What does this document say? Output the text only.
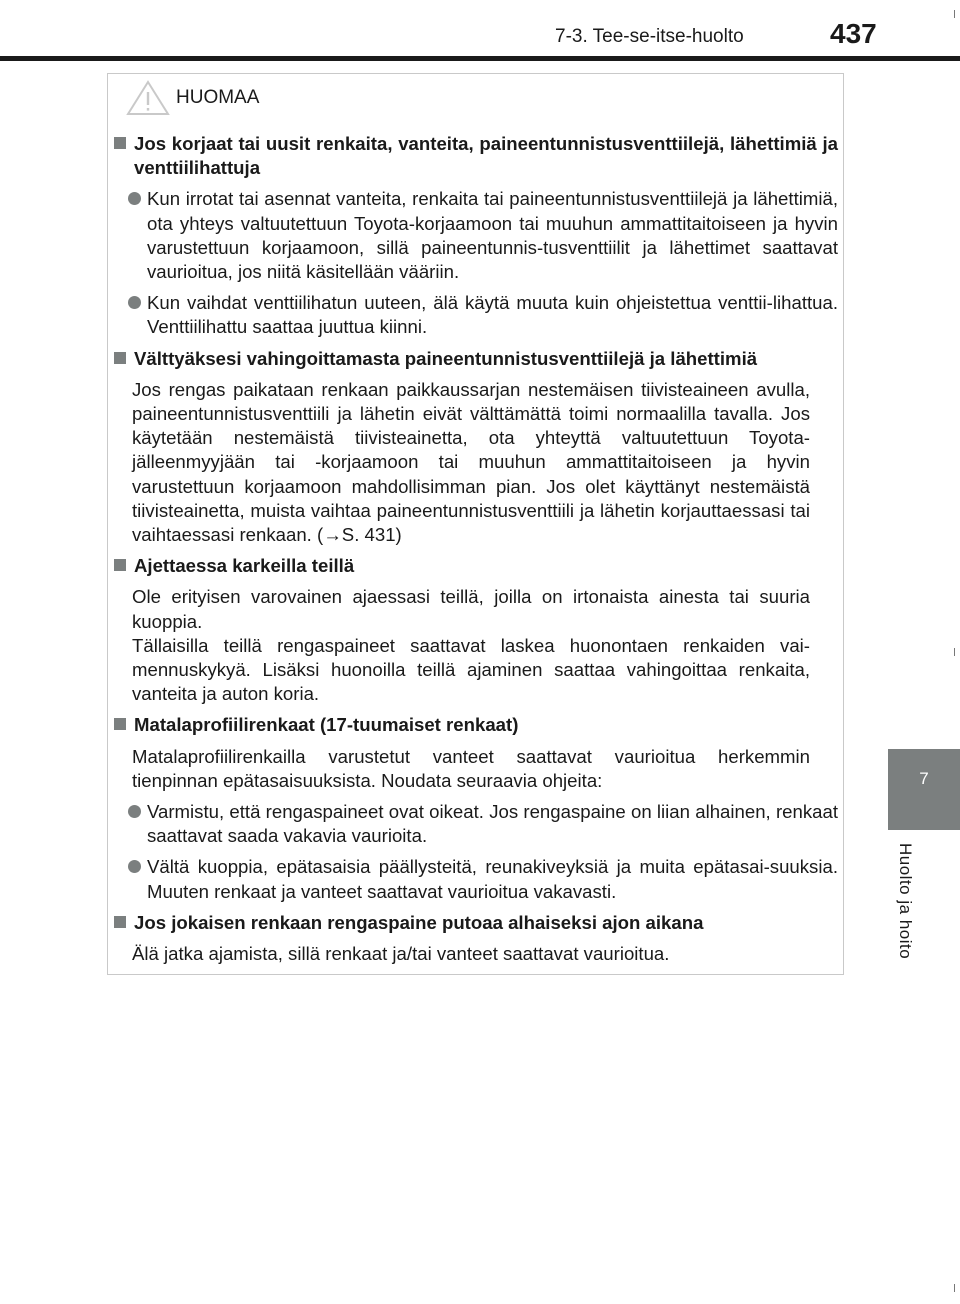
7-3. Tee-se-itse-huolto	437
7
Huolto ja hoito
HUOMAA
Jos korjaat tai uusit renkaita, vanteita, paineentunnistusventtiilejä, lähettimiä ja venttiilihattuja
Kun irrotat tai asennat vanteita, renkaita tai paineentunnistusventtiilejä ja lähettimiä, ota yhteys valtuutettuun Toyota-korjaamoon tai muuhun ammattitaitoiseen ja hyvin varustettuun korjaamoon, sillä paineentunnis-tusventtiilit ja lähettimet saattavat vaurioitua, jos niitä käsitellään vääriin.
Kun vaihdat venttiilihatun uuteen, älä käytä muuta kuin ohjeistettua venttii-lihattua. Venttiilihattu saattaa juuttua kiinni.
Välttyäksesi vahingoittamasta paineentunnistusventtiilejä ja lähettimiä
Jos rengas paikataan renkaan paikkaussarjan nestemäisen tiivisteaineen avulla, paineentunnistusventtiili ja lähetin eivät välttämättä toimi normaalilla tavalla. Jos käytetään nestemäistä tiivisteainetta, ota yhteyttä valtuutettuun Toyota-jälleenmyyjään tai -korjaamoon tai muuhun ammattitaitoiseen ja hyvin varustettuun korjaamoon mahdollisimman pian. Jos olet käyttänyt nestemäistä tiivisteainetta, muista vaihtaa paineentunnistusventtiili ja lähetin korjauttaessasi tai vaihtaessasi renkaan. (→S. 431)
Ajettaessa karkeilla teillä
Ole erityisen varovainen ajaessasi teillä, joilla on irtonaista ainesta tai suuria kuoppia.
Tällaisilla teillä rengaspaineet saattavat laskea huonontaen renkaiden vai-mennuskykyä. Lisäksi huonoilla teillä ajaminen saattaa vahingoittaa renkaita, vanteita ja auton koria.
Matalaprofiilirenkaat (17-tuumaiset renkaat)
Matalaprofiilirenkailla varustetut vanteet saattavat vaurioitua herkemmin tienpinnan epätasaisuuksista. Noudata seuraavia ohjeita:
Varmistu, että rengaspaineet ovat oikeat. Jos rengaspaine on liian alhainen, renkaat saattavat saada vakavia vaurioita.
Vältä kuoppia, epätasaisia päällysteitä, reunakiveyksiä ja muita epätasai-suuksia. Muuten renkaat ja vanteet saattavat vaurioitua vakavasti.
Jos jokaisen renkaan rengaspaine putoaa alhaiseksi ajon aikana
Älä jatka ajamista, sillä renkaat ja/tai vanteet saattavat vaurioitua.
